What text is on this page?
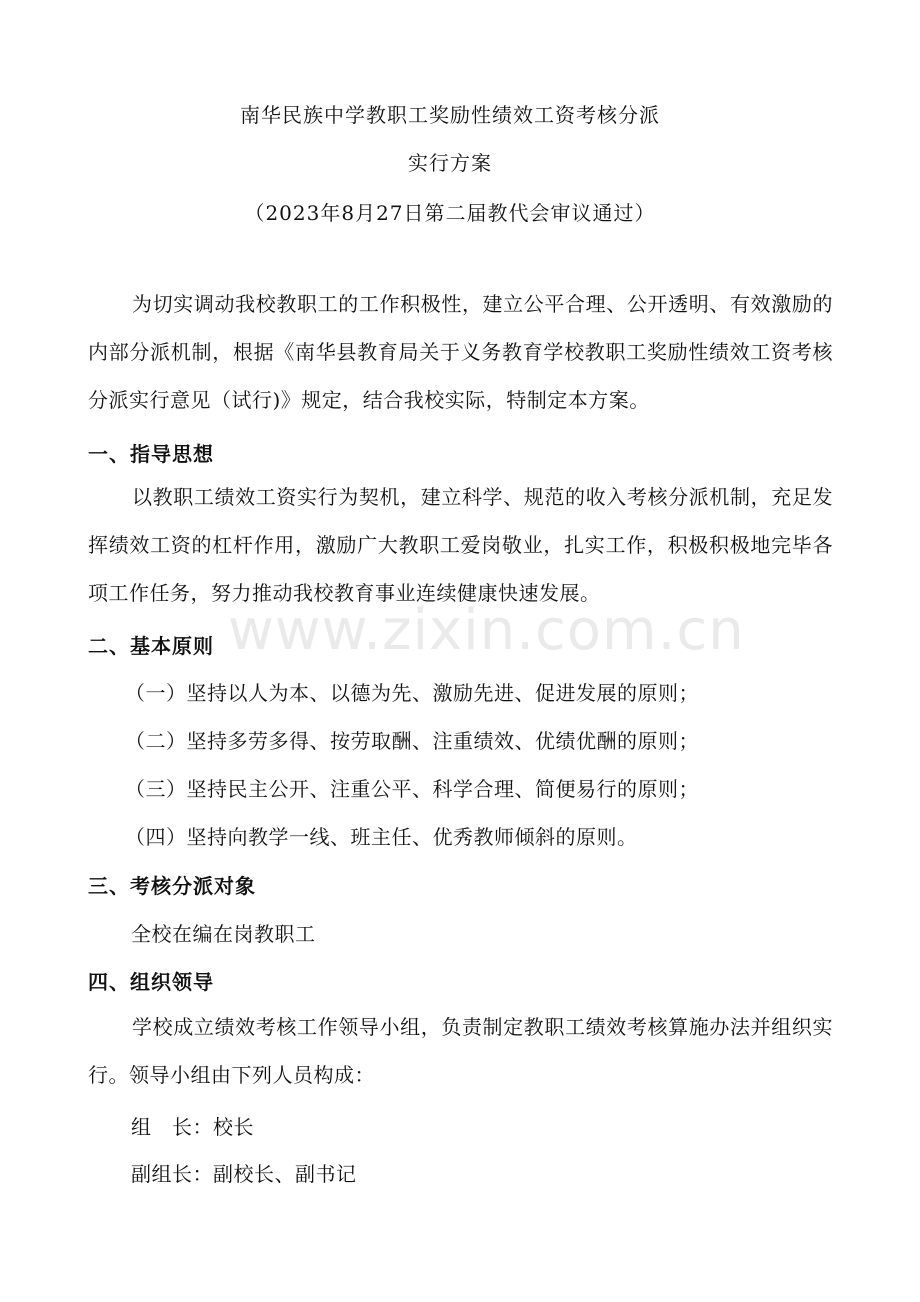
南华民族中学教职工奖励性绩效工资考核分派
实行方案
（2023年8月27日第二届教代会审议通过）
为切实调动我校教职工的工作积极性，建立公平合理、公开透明、有效激励的内部分派机制，根据《南华县教育局关于义务教育学校教职工奖励性绩效工资考核分派实行意见（试行)》规定，结合我校实际，特制定本方案。
一、指导思想
以教职工绩效工资实行为契机，建立科学、规范的收入考核分派机制，充足发挥绩效工资的杠杆作用，激励广大教职工爱岗敬业，扎实工作，积极积极地完毕各项工作任务，努力推动我校教育事业连续健康快速发展。
二、基本原则
（一）坚持以人为本、以德为先、激励先进、促进发展的原则；
（二）坚持多劳多得、按劳取酬、注重绩效、优绩优酬的原则；
（三）坚持民主公开、注重公平、科学合理、简便易行的原则；
（四）坚持向教学一线、班主任、优秀教师倾斜的原则。
三、考核分派对象
全校在编在岗教职工
四、组织领导
学校成立绩效考核工作领导小组，负责制定教职工绩效考核算施办法并组织实行。领导小组由下列人员构成：
组　长：校长
副组长：副校长、副书记
www.zixin.com.cn
